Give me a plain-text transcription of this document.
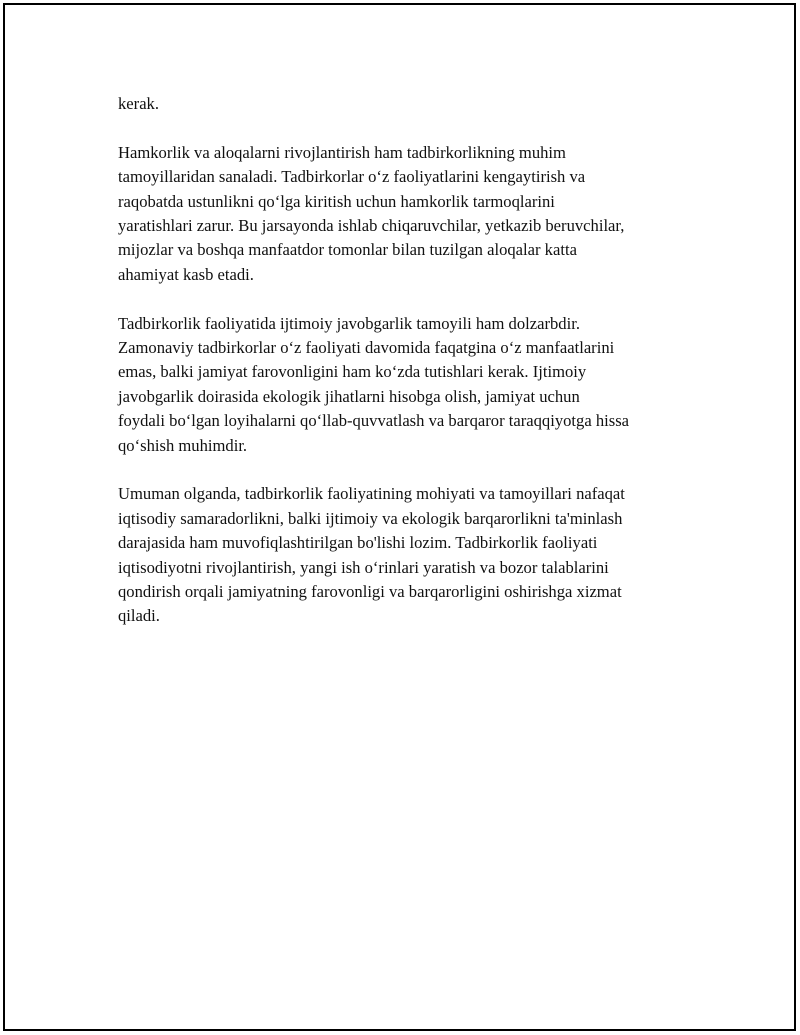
kerak.

Hamkorlik va aloqalarni rivojlantirish ham tadbirkorlikning muhim

tamoyillaridan sanaladi. Tadbirkorlar o‘z faoliyatlarini kengaytirish va

raqobatda ustunlikni qo‘lga kiritish uchun hamkorlik tarmoqlarini

yaratishlari zarur. Bu jarsayonda ishlab chiqaruvchilar, yetkazib beruvchilar,

mijozlar va boshqa manfaatdor tomonlar bilan tuzilgan aloqalar katta

ahamiyat kasb etadi.

Tadbirkorlik faoliyatida ijtimoiy javobgarlik tamoyili ham dolzarbdir.

Zamonaviy tadbirkorlar o‘z faoliyati davomida faqatgina o‘z manfaatlarini

emas, balki jamiyat farovonligini ham ko‘zda tutishlari kerak. Ijtimoiy

javobgarlik doirasida ekologik jihatlarni hisobga olish, jamiyat uchun

foydali bo‘lgan loyihalarni qo‘llab-quvvatlash va barqaror taraqqiyotga hissa

qo‘shish muhimdir.

Umuman olganda, tadbirkorlik faoliyatining mohiyati va tamoyillari nafaqat

iqtisodiy samaradorlikni, balki ijtimoiy va ekologik barqarorlikni ta'minlash

darajasida ham muvofiqlashtirilgan bo'lishi lozim. Tadbirkorlik faoliyati

iqtisodiyotni rivojlantirish, yangi ish o‘rinlari yaratish va bozor talablarini

qondirish orqali jamiyatning farovonligi va barqarorligini oshirishga xizmat

qiladi.
